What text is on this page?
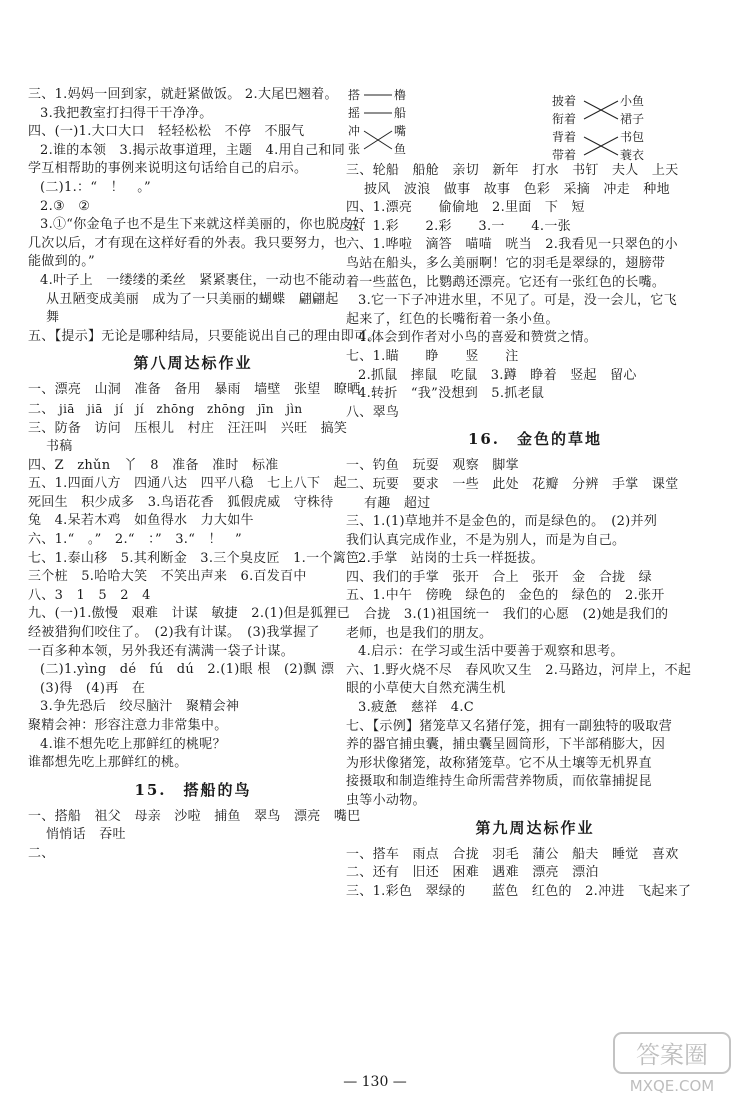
三、1.妈妈一回到家，就赶紧做饭。 2.大尾巴翘着。
3.我把教室打扫得干干净净。
四、(一)1.大口大口　轻轻松松　不停　不服气
2.谁的本领　3.揭示故事道理，主题　4.用自己和同
学互相帮助的事例来说明这句话给自己的启示。
(二)1.：“　！　。”
2.③　②
3.①“你金龟子也不是生下来就这样美丽的，你也脱皮好
几次以后，才有现在这样好看的外表。我只要努力，也
能做到的。”
4.叶子上　一缕缕的柔丝　紧紧裹住，一动也不能动
从丑陋变成美丽　成为了一只美丽的蝴蝶　翩翩起
舞
五、【提示】无论是哪种结局，只要能说出自己的理由即可。
第八周达标作业
一、漂亮　山洞　准备　备用　暴雨　墙壁　张望　瞭晒
二、 jiā jiā jí jí zhōng zhōng jīn jìn
三、防备　访问　压根儿　村庄　汪汪叫　兴旺　搞笑
书稿
四、Z　zhǔn　丫　8　准备　准时　标准
五、1.四面八方　四通八达　四平八稳　七上八下　起
死回生　积少成多　3.鸟语花香　狐假虎威　守株待
兔　4.呆若木鸡　如鱼得水　力大如牛
六、1.“　。”　2.“　：”　3.“　！　”
七、1.泰山移　5.其利断金　3.三个臭皮匠　1.一个篱笆
三个桩　5.哈哈大笑　不笑出声来　6.百发百中
八、3　1　5　2　4
九、(一)1.傲慢　艰难　计谋　敏捷　2.(1)但是狐狸已
经被猎狗们咬住了。　(2)我有计谋。　(3)我掌握了
一百多种本领，另外我还有满满一袋子计谋。
(二)1.yìng　dé　fú　dú　2.(1)眼 根　(2)飘 漂
(3)得　(4)再　在
3.争先恐后　绞尽脑汁　聚精会神
聚精会神：形容注意力非常集中。
4.谁不想先吃上那鲜红的桃呢？
谁都想先吃上那鲜红的桃。
15.　搭船的鸟
一、搭船　祖父　母亲　沙啦　捕鱼　翠鸟　漂亮　嘴巴
悄悄话　吞吐
二、
搭
摇
冲
张
橹
船
嘴
鱼
披着
衔着
背着
带着
小鱼
裙子
书包
蓑衣
三、轮船　船舱　亲切　新年　打水　书钉　夫人　上天
披风　波浪　做事　故事　色彩　采摘　冲走　种地
四、1.漂亮　　偷偷地　2.里面　下　短
五、1.彩　　2.彩　　3.一　　4.一张
六、1.哗啦　滴答　喵喵　咣当　2.我看见一只翠色的小
鸟站在船头，多么美丽啊！它的羽毛是翠绿的，翅膀带
着一些蓝色，比鹦鹉还漂亮。它还有一张红色的长嘴。
3.它一下子冲进水里，不见了。可是，没一会儿，它飞
起来了，红色的长嘴衔着一条小鱼。
4.体会到作者对小鸟的喜爱和赞赏之情。
七、1.瞄　　睁　　竖　　注
2.抓鼠　摔鼠　吃鼠　3.蹲　睁着　竖起　留心
4.转折　“我”没想到　5.抓老鼠
八、翠鸟
16.　金色的草地
一、钓鱼　玩耍　观察　脚掌
二、玩要　要求　一些　此处　花瓣　分辨　手掌　课堂
有趣　超过
三、1.(1)草地并不是金色的，而是绿色的。　(2)并列
我们认真完成作业，不是为别人，而是为自己。
2.手掌　站岗的士兵一样挺拔。
四、我们的手掌　张开　合上　张开　金　合拢　绿
五、1.中午　傍晚　绿色的　金色的　绿色的　2.张开
合拢　3.(1)祖国统一　我们的心愿　(2)她是我们的
老师，也是我们的朋友。
4.启示：在学习或生活中要善于观察和思考。
六、1.野火烧不尽　春风吹又生　2.马路边，河岸上，不起
眼的小草使大自然充满生机
3.疲惫　慈祥　4.C
七、【示例】猪笼草又名猪仔笼，拥有一副独特的吸取营
养的器官捕虫囊，捕虫囊呈圆筒形，下半部稍膨大，因
为形状像猪笼，故称猪笼草。它不从土壤等无机界直
接摄取和制造维持生命所需营养物质，而依靠捕捉昆
虫等小动物。
第九周达标作业
一、搭车　雨点　合拢　羽毛　蒲公　船夫　睡觉　喜欢
二、还有　旧还　困难　遇难　漂亮　漂泊
三、1.彩色　翠绿的　　蓝色　红色的　2.冲进　飞起来了
— 130 —
答案圈
MXQE.COM
